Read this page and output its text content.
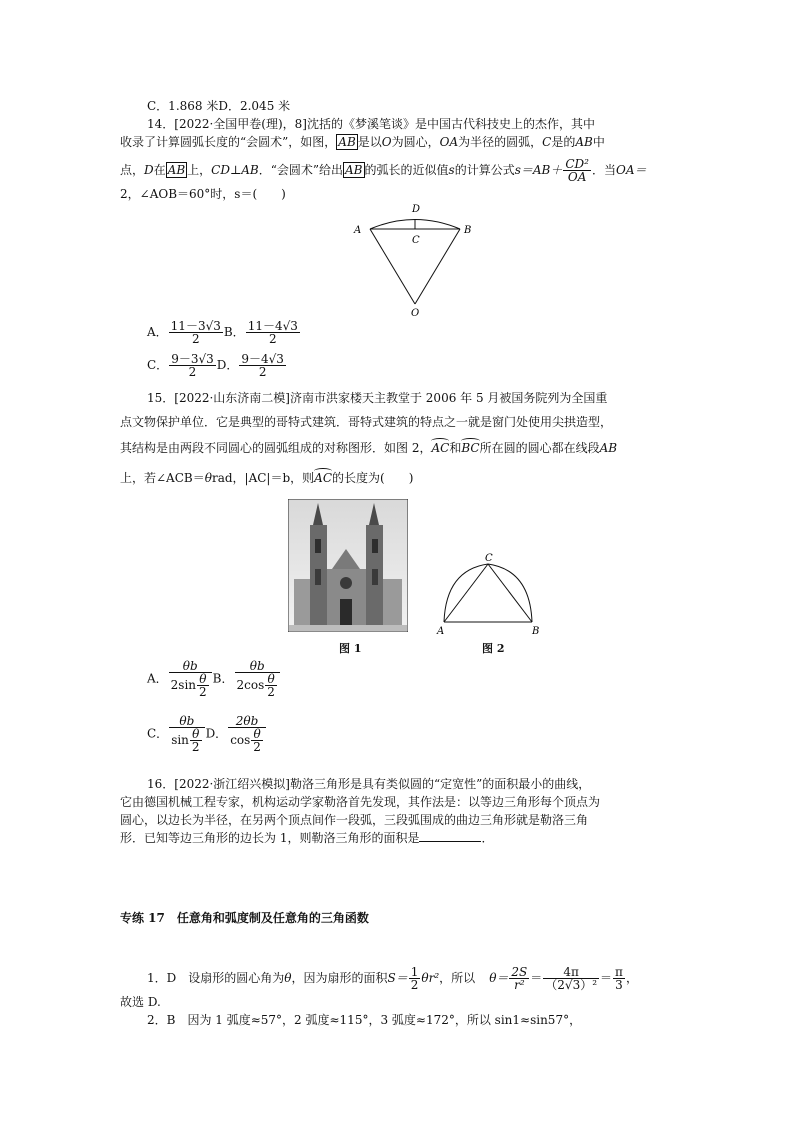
C．1.868 米D．2.045 米
14．[2022·全国甲卷(理)，8]沈括的《梦溪笔谈》是中国古代科技史上的杰作，其中
收录了计算圆弧长度的“会圆术”，如图， AB 是以O为圆心，OA为半径的圆弧，C是的AB中
点，D在 AB 上，CD⊥AB．“会圆术”给出 AB 的弧长的近似值s的计算公式$s=AB+ \frac{\text{CD²}}{OA}$ ．当OA＝
2，∠AOB＝60°时，s＝(　　)
A	B
C
D
O
A． $\frac{11-3√3}{2}$ B． $\frac{11-4√3}{2}$
C． $\frac{9-3√3}{2}$ D． $\frac{9-4√3}{2}$
15．[2022·山东济南二模]济南市洪家楼天主教堂于 2006 年 5 月被国务院列为全国重
点文物保护单位．它是典型的哥特式建筑．哥特式建筑的特点之一就是窗门处使用尖拱造型，
其结构是由两段不同圆心的圆弧组成的对称图形．如图 2，AC和BC所在圆的圆心都在线段AB
上，若∠ACB＝θrad，|AC|＝b，则AC的长度为(　　)
图 1
A	B
C
图 2
A． $\frac{\theta b}{2\sin \frac{\theta}{2}}$ B． $\frac{\theta b}{2\cos \frac{\theta}{2}}$
C． $\frac{\theta b}{\sin \frac{\theta}{2}}$ D． $\frac{2\theta b}{\cos \frac{\theta}{2}}$
16．[2022·浙江绍兴模拟]勒洛三角形是具有类似圆的“定宽性”的面积最小的曲线，
它由德国机械工程专家，机构运动学家勒洛首先发现，其作法是：以等边三角形每个顶点为
圆心，以边长为半径，在另两个顶点间作一段弧，三段弧围成的曲边三角形就是勒洛三角
形．已知等边三角形的边长为 1，则勒洛三角形的面积是	．
专练 17　任意角和弧度制及任意角的三角函数
1．D　设扇形的圆心角为θ，因为扇形的面积$S= \frac{1}{2} \theta r^2$，所以 $\theta= \frac{2S}{\text{r²}} = \frac{4\pi}{\text{（2√3）²}} = \frac{\pi}{3}$ ，
故选 D.
2．B　因为 1 弧度≈57°，2 弧度≈115°，3 弧度≈172°，所以 sin1≈sin57°，
